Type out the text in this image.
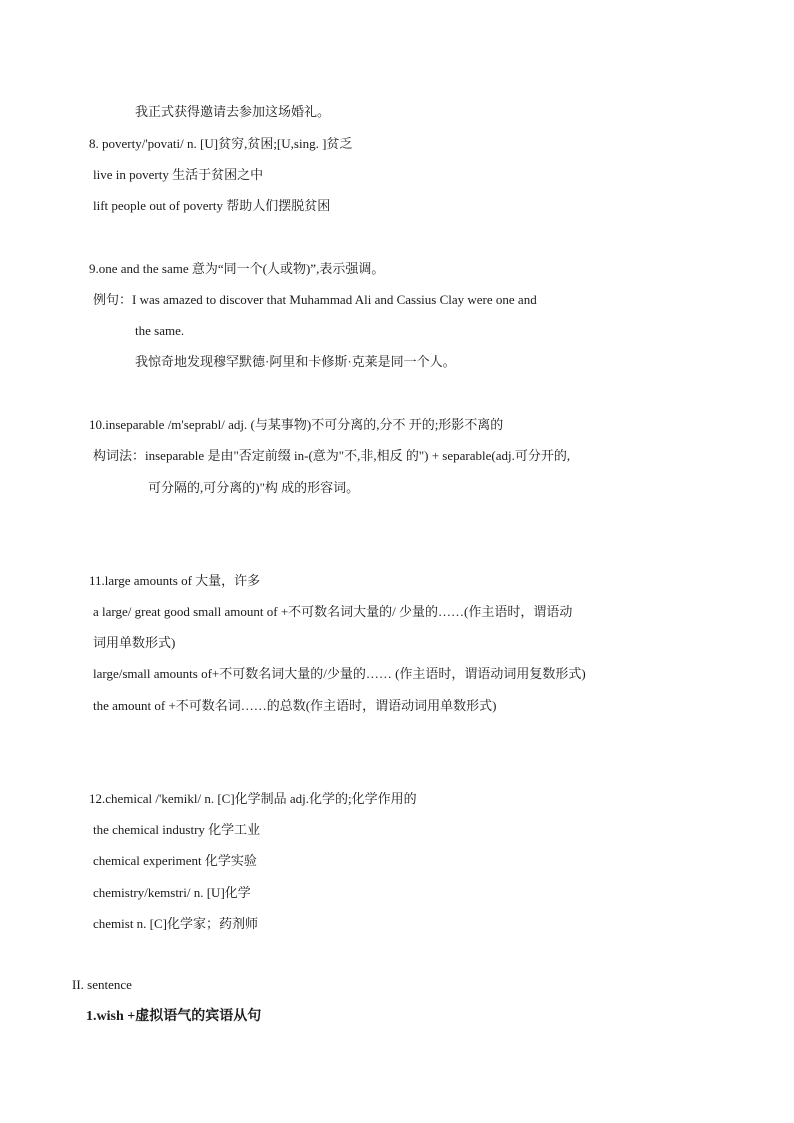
我正式获得邀请去参加这场婚礼。
8. poverty/'povati/ n. [U]贫穷,贫困;[U,sing. ]贫乏
live in poverty 生活于贫困之中
lift people out of poverty 帮助人们摆脱贫困
9.one and the same 意为“同一个(人或物)”,表示强调。
例句：I was amazed to discover that Muhammad Ali and Cassius Clay were one and
the same.
我惊奇地发现穆罕默德·阿里和卡修斯·克莱是同一个人。
10.inseparable /m'seprabl/ adj. (与某事物)不可分离的,分不 开的;形影不离的
构词法：inseparable 是由"否定前缀 in-(意为"不,非,相反 的") + separable(adj.可分开的,
可分隔的,可分离的)"构 成的形容词。
11.large amounts of 大量，许多
a large/ great good small amount of +不可数名词大量的/ 少量的……(作主语时，谓语动
词用单数形式)
large/small amounts of+不可数名词大量的/少量的…… (作主语时，谓语动词用复数形式)
the amount of +不可数名词……的总数(作主语时，谓语动词用单数形式)
12.chemical /'kemikl/ n. [C]化学制品 adj.化学的;化学作用的
the chemical industry 化学工业
chemical experiment 化学实验
chemistry/kemstri/ n. [U]化学
chemist n. [C]化学家；药剂师
II. sentence
1.wish +虚拟语气的宾语从句
